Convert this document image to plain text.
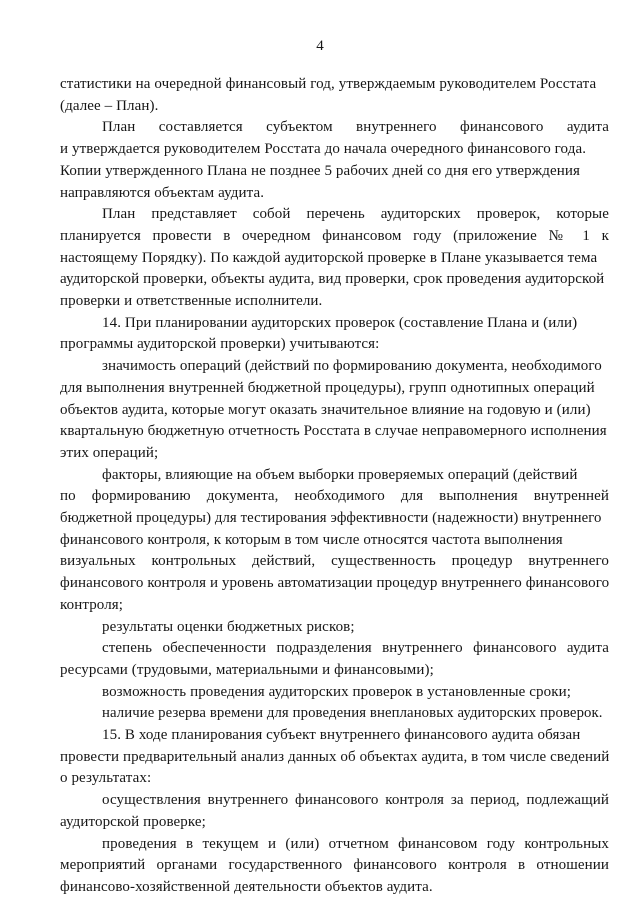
4
статистики на очередной финансовый год, утверждаемым руководителем Росстата
(далее – План).
План составляется субъектом внутреннего финансового аудита
и утверждается руководителем Росстата до начала очередного финансового года.
Копии утвержденного Плана не позднее 5 рабочих дней со дня его утверждения
направляются объектам аудита.
План представляет собой перечень аудиторских проверок, которые
планируется провести в очередном финансовом году (приложение № 1 к
настоящему Порядку). По каждой аудиторской проверке в Плане указывается тема
аудиторской проверки, объекты аудита, вид проверки, срок проведения аудиторской
проверки и ответственные исполнители.
14. При планировании аудиторских проверок (составление Плана и (или)
программы аудиторской проверки) учитываются:
значимость операций (действий по формированию документа, необходимого
для выполнения внутренней бюджетной процедуры), групп однотипных операций
объектов аудита, которые могут оказать значительное влияние на годовую и (или)
квартальную бюджетную отчетность Росстата в случае неправомерного исполнения
этих операций;
факторы, влияющие на объем выборки проверяемых операций (действий
по формированию документа, необходимого для выполнения внутренней
бюджетной процедуры) для тестирования эффективности (надежности) внутреннего
финансового контроля, к которым в том числе относятся частота выполнения
визуальных контрольных действий, существенность процедур внутреннего
финансового контроля и уровень автоматизации процедур внутреннего финансового
контроля;
результаты оценки бюджетных рисков;
степень обеспеченности подразделения внутреннего финансового аудита
ресурсами (трудовыми, материальными и финансовыми);
возможность проведения аудиторских проверок в установленные сроки;
наличие резерва времени для проведения внеплановых аудиторских проверок.
15. В ходе планирования субъект внутреннего финансового аудита обязан
провести предварительный анализ данных об объектах аудита, в том числе сведений
о результатах:
осуществления внутреннего финансового контроля за период, подлежащий
аудиторской проверке;
проведения в текущем и (или) отчетном финансовом году контрольных
мероприятий органами государственного финансового контроля в отношении
финансово-хозяйственной деятельности объектов аудита.
